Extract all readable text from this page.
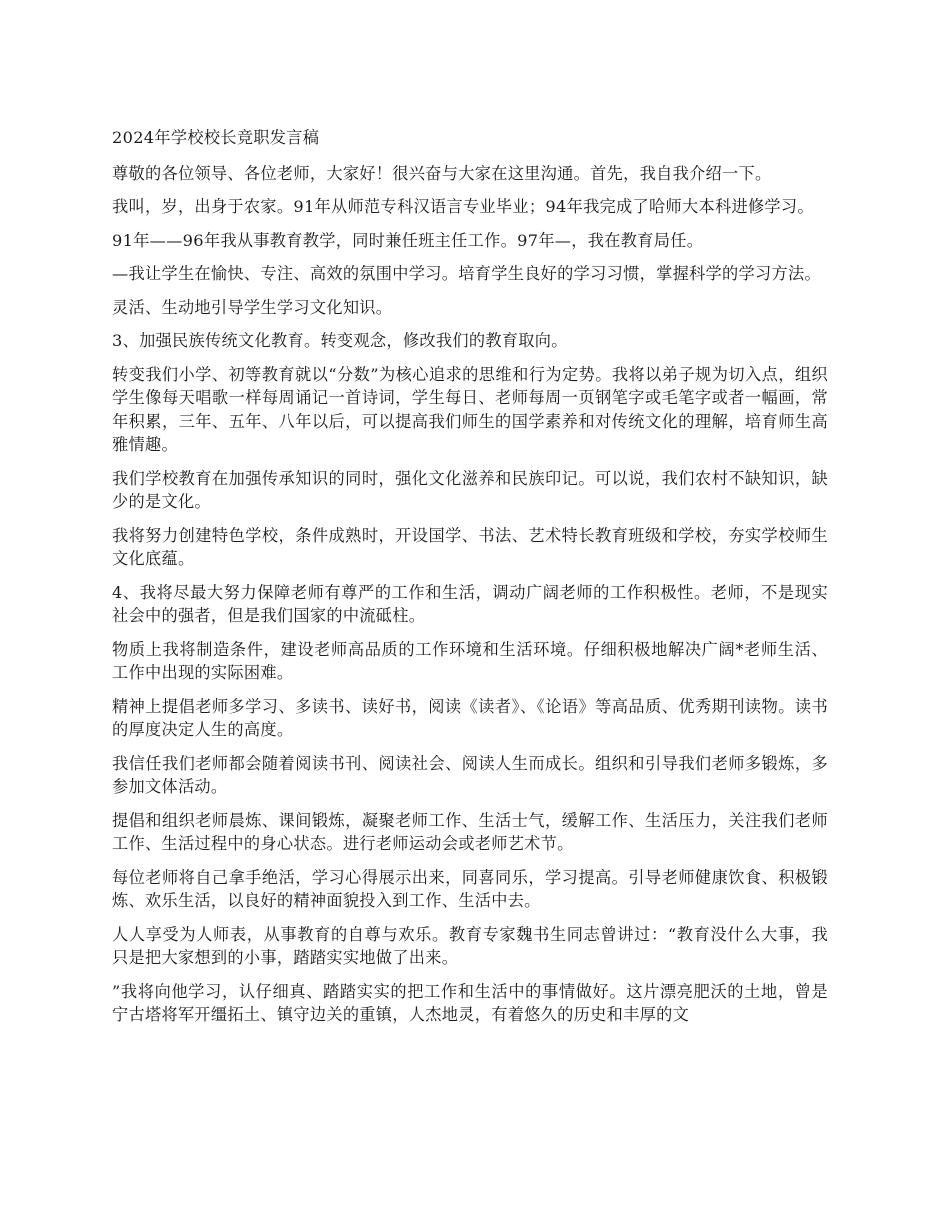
2024年学校校长竞职发言稿

尊敬的各位领导、各位老师，大家好！很兴奋与大家在这里沟通。首先，我自我介绍一下。

我叫，岁，出身于农家。91年从师范专科汉语言专业毕业；94年我完成了哈师大本科进修学习。

91年——96年我从事教育教学，同时兼任班主任工作。97年—，我在教育局任。

—我让学生在愉快、专注、高效的氛围中学习。培育学生良好的学习习惯，掌握科学的学习方法。

灵活、生动地引导学生学习文化知识。

3、加强民族传统文化教育。转变观念，修改我们的教育取向。

转变我们小学、初等教育就以“分数”为核心追求的思维和行为定势。我将以弟子规为切入点，组织学生像每天唱歌一样每周诵记一首诗词，学生每日、老师每周一页钢笔字或毛笔字或者一幅画，常年积累，三年、五年、八年以后，可以提高我们师生的国学素养和对传统文化的理解，培育师生高雅情趣。

我们学校教育在加强传承知识的同时，强化文化滋养和民族印记。可以说，我们农村不缺知识，缺少的是文化。

我将努力创建特色学校，条件成熟时，开设国学、书法、艺术特长教育班级和学校，夯实学校师生文化底蕴。

4、我将尽最大努力保障老师有尊严的工作和生活，调动广阔老师的工作积极性。老师，不是现实社会中的强者，但是我们国家的中流砥柱。

物质上我将制造条件，建设老师高品质的工作环境和生活环境。仔细积极地解决广阔*老师生活、工作中出现的实际困难。

精神上提倡老师多学习、多读书、读好书，阅读《读者》、《论语》等高品质、优秀期刊读物。读书的厚度决定人生的高度。

我信任我们老师都会随着阅读书刊、阅读社会、阅读人生而成长。组织和引导我们老师多锻炼，多参加文体活动。

提倡和组织老师晨炼、课间锻炼，凝聚老师工作、生活士气，缓解工作、生活压力，关注我们老师工作、生活过程中的身心状态。进行老师运动会或老师艺术节。

每位老师将自己拿手绝活，学习心得展示出来，同喜同乐，学习提高。引导老师健康饮食、积极锻炼、欢乐生活，以良好的精神面貌投入到工作、生活中去。

人人享受为人师表，从事教育的自尊与欢乐。教育专家魏书生同志曾讲过：“教育没什么大事，我只是把大家想到的小事，踏踏实实地做了出来。

”我将向他学习，认仔细真、踏踏实实的把工作和生活中的事情做好。这片漂亮肥沃的土地，曾是宁古塔将军开缰拓土、镇守边关的重镇，人杰地灵，有着悠久的历史和丰厚的文
